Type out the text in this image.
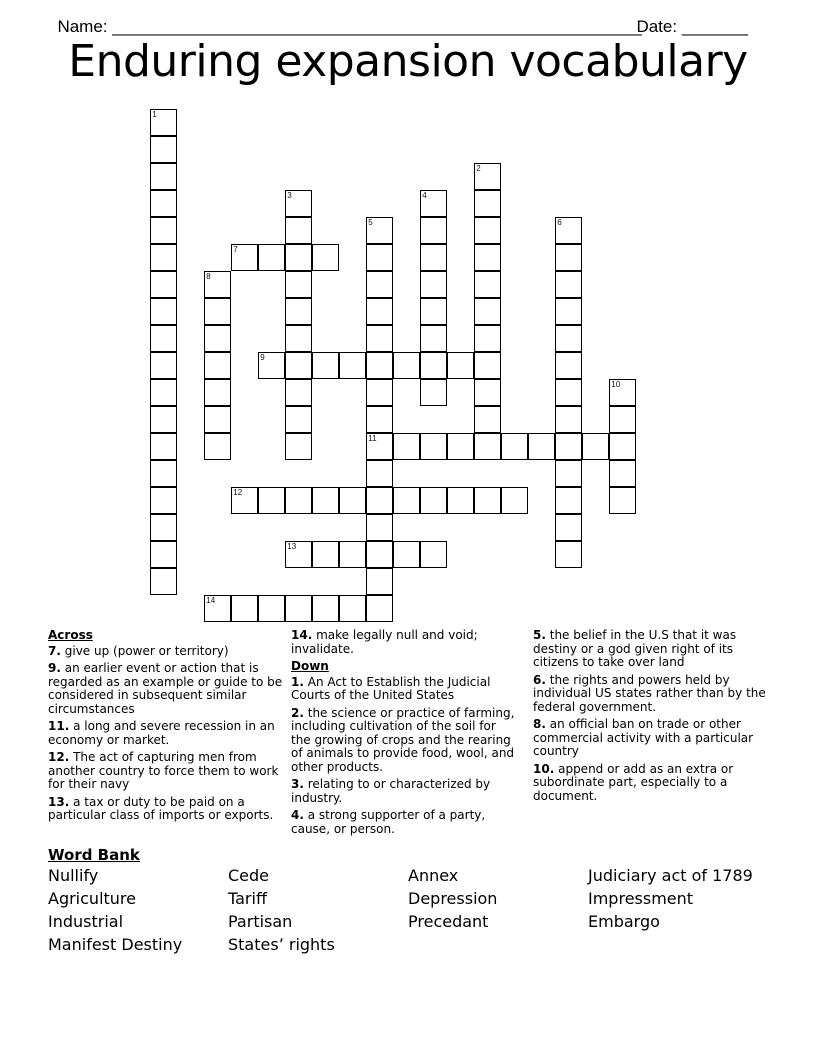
Name: ________________________________________________________

Date: _______

Enduring expansion vocabulary
1
2
3	4
5
11
6
7
8
9
10
12
13
14
Across
7. give up (power or territory)
9. an earlier event or action that is regarded as an example or guide to be considered in subsequent similar circumstances
11. a long and severe recession in an economy or market.
12. The act of capturing men from another country to force them to work for their navy
13. a tax or duty to be paid on a particular class of imports or exports.
14. make legally null and void; invalidate.
Down
1. An Act to Establish the Judicial Courts of the United States
2. the science or practice of farming, including cultivation of the soil for the growing of crops and the rearing of animals to provide food, wool, and other products.
3. relating to or characterized by industry.
4. a strong supporter of a party, cause, or person.
5. the belief in the U.S that it was destiny or a god given right of its citizens to take over land
6. the rights and powers held by individual US states rather than by the federal government.
8. an official ban on trade or other commercial activity with a particular country
10. append or add as an extra or subordinate part, especially to a document.
Word Bank
Nullify	Cede	Annex	Judiciary act of 1789
Agriculture	Tariff	Depression	Impressment
Industrial	Partisan	Precedant	Embargo
Manifest Destiny	States’ rights
